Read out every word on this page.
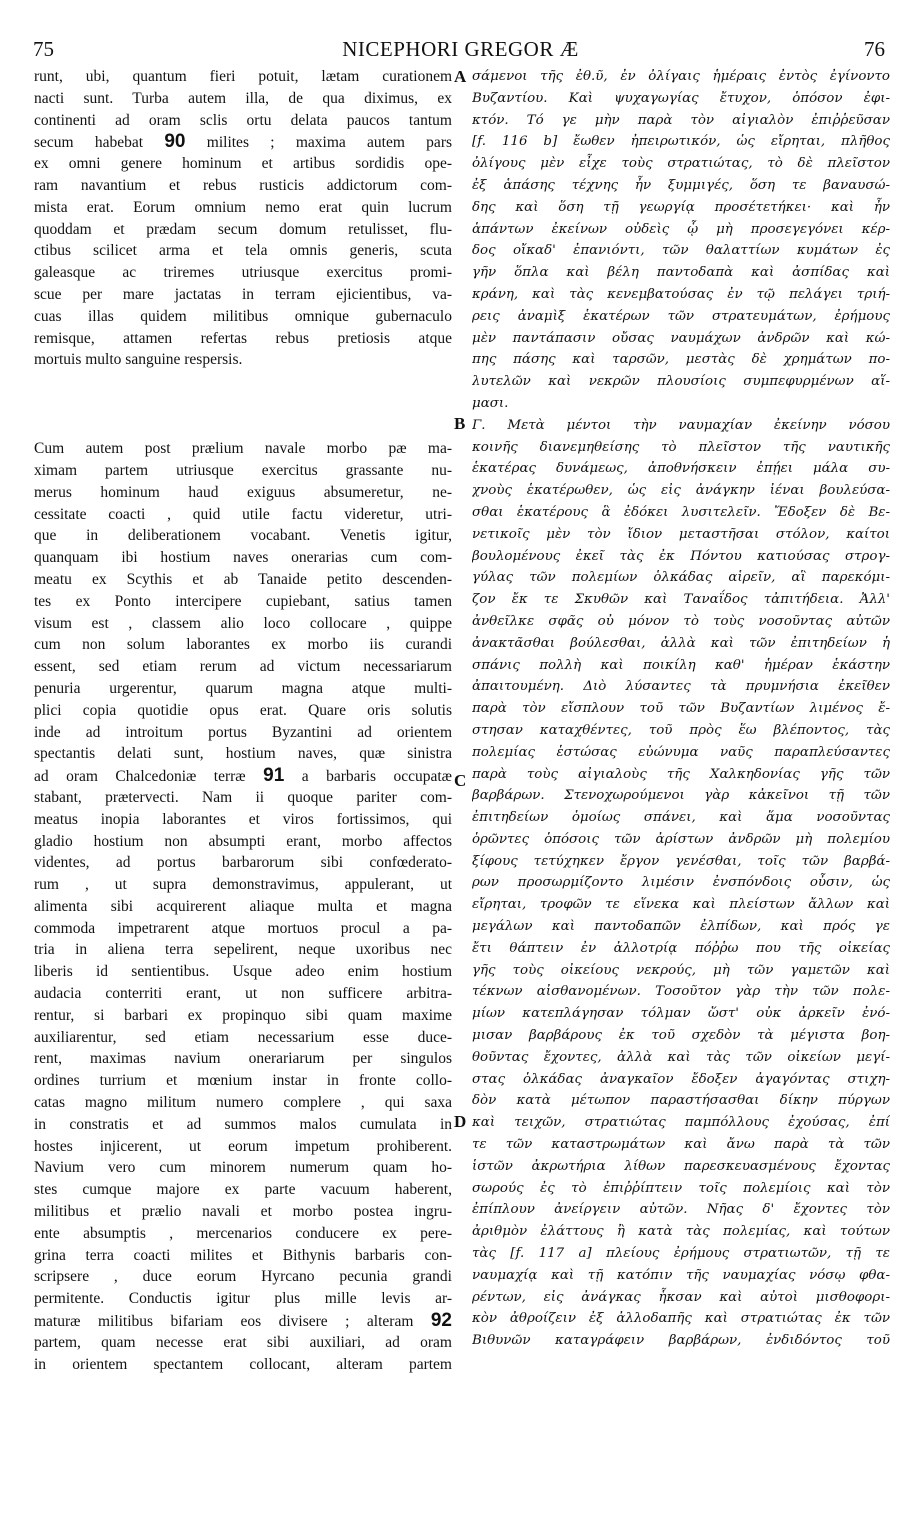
75	NICEPHORI GREGOR Æ	76
A
B
C
D
runt, ubi, quantum fieri potuit, lætam curationem
nacti sunt. Turba autem illa, de qua diximus, ex
continenti ad oram sclis ortu delata paucos tantum
secum habebat 90 milites ; maxima autem pars
ex omni genere hominum et artibus sordidis ope-
ram navantium et rebus rusticis addictorum com-
mista erat. Eorum omnium nemo erat quin lucrum
quoddam et prædam secum domum retulisset, flu-
ctibus scilicet arma et tela omnis generis, scuta
galeasque ac triremes utriusque exercitus promi-
scue per mare jactatas in terram ejicientibus, va-
cuas illas quidem militibus omnique gubernaculo
remisque, attamen refertas rebus pretiosis atque
mortuis multo sanguine respersis.
Cum autem post prælium navale morbo pæ ma-
ximam partem utriusque exercitus grassante nu-
merus hominum haud exiguus absumeretur, ne-
cessitate coacti , quid utile factu videretur, utri-
que in deliberationem vocabant. Venetis igitur,
quanquam ibi hostium naves onerarias cum com-
meatu ex Scythis et ab Tanaide petito descenden-
tes ex Ponto intercipere cupiebant, satius tamen
visum est , classem alio loco collocare , quippe
cum non solum laborantes ex morbo iis curandi
essent, sed etiam rerum ad victum necessariarum
penuria urgerentur, quarum magna atque multi-
plici copia quotidie opus erat. Quare oris solutis
inde ad introitum portus Byzantini ad orientem
spectantis delati sunt, hostium naves, quæ sinistra
ad oram Chalcedoniæ terræ 91 a barbaris occupatæ
stabant, prætervecti. Nam ii quoque pariter com-
meatus inopia laborantes et viros fortissimos, qui
gladio hostium non absumpti erant, morbo affectos
videntes, ad portus barbarorum sibi confœderato-
rum , ut supra demonstravimus, appulerant, ut
alimenta sibi acquirerent aliaque multa et magna
commoda impetrarent atque mortuos procul a pa-
tria in aliena terra sepelirent, neque uxoribus nec
liberis id sentientibus. Usque adeo enim hostium
audacia conterriti erant, ut non sufficere arbitra-
rentur, si barbari ex propinquo sibi quam maxime
auxiliarentur, sed etiam necessarium esse duce-
rent, maximas navium onerariarum per singulos
ordines turrium et mœnium instar in fronte collo-
catas magno militum numero complere , qui saxa
in constratis et ad summos malos cumulata in
hostes injicerent, ut eorum impetum prohiberent.
Navium vero cum minorem numerum quam ho-
stes cumque majore ex parte vacuum haberent,
militibus et prælio navali et morbo postea ingru-
ente absumptis , mercenarios conducere ex pere-
grina terra coacti milites et Bithynis barbaris con-
scripsere , duce eorum Hyrcano pecunia grandi
permitente. Conductis igitur plus mille levis ar-
maturæ militibus bifariam eos divisere ; alteram 92
partem, quam necesse erat sibi auxiliari, ad oram
in orientem spectantem collocant, alteram partem
σάμενοι τῆς ἐθ.ῦ, ἐν ὀλίγαις ἡμέραις ἐντὸς ἐγίνοντο
Βυζαντίου. Καὶ ψυχαγωγίας ἔτυχον, ὁπόσον ἐφι-
κτόν. Τό γε μὴν παρὰ τὸν αἰγιαλὸν ἐπιῤῥεῦσαν
[f. 116 b] ἔωθεν ἠπειρωτικόν, ὡς εἴρηται, πλῆθος
ὀλίγους μὲν εἶχε τοὺς στρατιώτας, τὸ δὲ πλεῖστον
ἐξ ἁπάσης τέχνης ἦν ξυμμιγές, ὅση τε βαναυσώ-
δης καὶ ὅση τῇ γεωργίᾳ προσέτετήκει· καὶ ἦν
ἁπάντων ἐκείνων οὐδεὶς ᾧ μὴ προσεγεγόνει κέρ-
δος οἴκαδ' ἐπανιόντι, τῶν θαλαττίων κυμάτων ἐς
γῆν ὅπλα καὶ βέλη παντοδαπὰ καὶ ἀσπίδας καὶ
κράνη, καὶ τὰς κενεμβατούσας ἐν τῷ πελάγει τριή-
ρεις ἀναμὶξ ἑκατέρων τῶν στρατευμάτων, ἐρήμους
μὲν παντάπασιν οὔσας ναυμάχων ἀνδρῶν καὶ κώ-
πης πάσης καὶ ταρσῶν, μεστὰς δὲ χρημάτων πο-
λυτελῶν καὶ νεκρῶν πλουσίοις συμπεφυρμένων αἵ-
μασι.
Γ. Μετὰ μέντοι τὴν ναυμαχίαν ἐκείνην νόσου
κοινῆς διανεμηθείσης τὸ πλεῖστον τῆς ναυτικῆς
ἑκατέρας δυνάμεως, ἀποθνήσκειν ἐπῄει μάλα συ-
χνοὺς ἑκατέρωθεν, ὡς εἰς ἀνάγκην ἰέναι βουλεύσα-
σθαι ἑκατέρους ἃ ἐδόκει λυσιτελεῖν. Ἔδοξεν δὲ Βε-
νετικοῖς μὲν τὸν ἴδιον μεταστῆσαι στόλον, καίτοι
βουλομένους ἐκεῖ τὰς ἐκ Πόντου κατιούσας στρογ-
γύλας τῶν πολεμίων ὁλκάδας αἱρεῖν, αἳ παρεκόμι-
ζον ἔκ τε Σκυθῶν καὶ Ταναΐδος τἀπιτήδεια. Ἀλλ'
ἀνθεῖλκε σφᾶς οὐ μόνον τὸ τοὺς νοσοῦντας αὐτῶν
ἀνακτᾶσθαι βούλεσθαι, ἀλλὰ καὶ τῶν ἐπιτηδείων ἡ
σπάνις πολλὴ καὶ ποικίλη καθ' ἡμέραν ἑκάστην
ἀπαιτουμένη. Διὸ λύσαντες τὰ πρυμνήσια ἐκεῖθεν
παρὰ τὸν εἴσπλουν τοῦ τῶν Βυζαντίων λιμένος ἔ-
στησαν καταχθέντες, τοῦ πρὸς ἕω βλέποντος, τὰς
πολεμίας ἑστώσας εὐώνυμα ναῦς παραπλεύσαντες
παρὰ τοὺς αἰγιαλοὺς τῆς Χαλκηδονίας γῆς τῶν
βαρβάρων. Στενοχωρούμενοι γὰρ κἀκεῖνοι τῇ τῶν
ἐπιτηδείων ὁμοίως σπάνει, καὶ ἅμα νοσοῦντας
ὁρῶντες ὁπόσοις τῶν ἀρίστων ἀνδρῶν μὴ πολεμίου
ξίφους τετύχηκεν ἔργον γενέσθαι, τοῖς τῶν βαρβά-
ρων προσωρμίζοντο λιμέσιν ἐνσπόνδοις οὖσιν, ὡς
εἴρηται, τροφῶν τε εἵνεκα καὶ πλείστων ἄλλων καὶ
μεγάλων καὶ παντοδαπῶν ἐλπίδων, καὶ πρός γε
ἔτι θάπτειν ἐν ἀλλοτρίᾳ πόῤῥω που τῆς οἰκείας
γῆς τοὺς οἰκείους νεκρούς, μὴ τῶν γαμετῶν καὶ
τέκνων αἰσθανομένων. Τοσοῦτον γὰρ τὴν τῶν πολε-
μίων κατεπλάγησαν τόλμαν ὥστ' οὐκ ἀρκεῖν ἐνό-
μισαν βαρβάρους ἐκ τοῦ σχεδὸν τὰ μέγιστα βοη-
θοῦντας ἔχοντες, ἀλλὰ καὶ τὰς τῶν οἰκείων μεγί-
στας ὁλκάδας ἀναγκαῖον ἔδοξεν ἀγαγόντας στιχη-
δὸν κατὰ μέτωπον παραστήσασθαι δίκην πύργων
καὶ τειχῶν, στρατιώτας παμπόλλους ἐχούσας, ἐπί
τε τῶν καταστρωμάτων καὶ ἄνω παρὰ τὰ τῶν
ἱστῶν ἀκρωτήρια λίθων παρεσκευασμένους ἔχοντας
σωρούς ἐς τὸ ἐπιῤῥίπτειν τοῖς πολεμίοις καὶ τὸν
ἐπίπλουν ἀνείργειν αὐτῶν. Νῆας δ' ἔχοντες τὸν
ἀριθμὸν ἐλάττους ἢ κατὰ τὰς πολεμίας, καὶ τούτων
τὰς [f. 117 a] πλείους ἐρήμους στρατιωτῶν, τῇ τε
ναυμαχίᾳ καὶ τῇ κατόπιν τῆς ναυμαχίας νόσῳ φθα-
ρέντων, εἰς ἀνάγκας ἧκσαν καὶ αὐτοὶ μισθοφορι-
κὸν ἀθροίζειν ἐξ ἀλλοδαπῆς καὶ στρατιώτας ἐκ τῶν
Βιθυνῶν καταγράφειν βαρβάρων, ἐνδιδόντος τοῦ
